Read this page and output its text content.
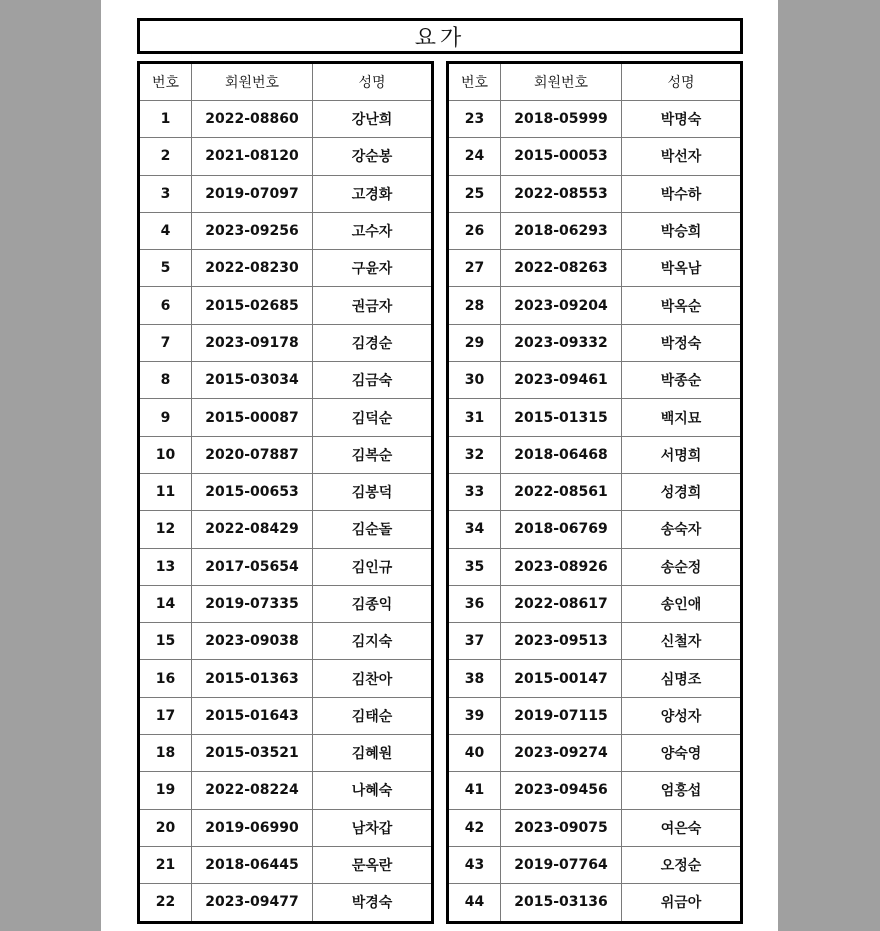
요가
번호	회원번호	성명
1	2022-08860	강난희
2	2021-08120	강순봉
3	2019-07097	고경화
4	2023-09256	고수자
5	2022-08230	구윤자
6	2015-02685	권금자
7	2023-09178	김경순
8	2015-03034	김금숙
9	2015-00087	김덕순
10	2020-07887	김복순
11	2015-00653	김봉덕
12	2022-08429	김순돌
13	2017-05654	김인규
14	2019-07335	김종익
15	2023-09038	김지숙
16	2015-01363	김찬아
17	2015-01643	김태순
18	2015-03521	김혜원
19	2022-08224	나혜숙
20	2019-06990	남차갑
21	2018-06445	문옥란
22	2023-09477	박경숙
번호	회원번호	성명
23	2018-05999	박명숙
24	2015-00053	박선자
25	2022-08553	박수하
26	2018-06293	박승희
27	2022-08263	박옥남
28	2023-09204	박옥순
29	2023-09332	박정숙
30	2023-09461	박종순
31	2015-01315	백지묘
32	2018-06468	서명희
33	2022-08561	성경희
34	2018-06769	송숙자
35	2023-08926	송순정
36	2022-08617	송인애
37	2023-09513	신철자
38	2015-00147	심명조
39	2019-07115	양성자
40	2023-09274	양숙영
41	2023-09456	엄홍섭
42	2023-09075	여은숙
43	2019-07764	오정순
44	2015-03136	위금아
